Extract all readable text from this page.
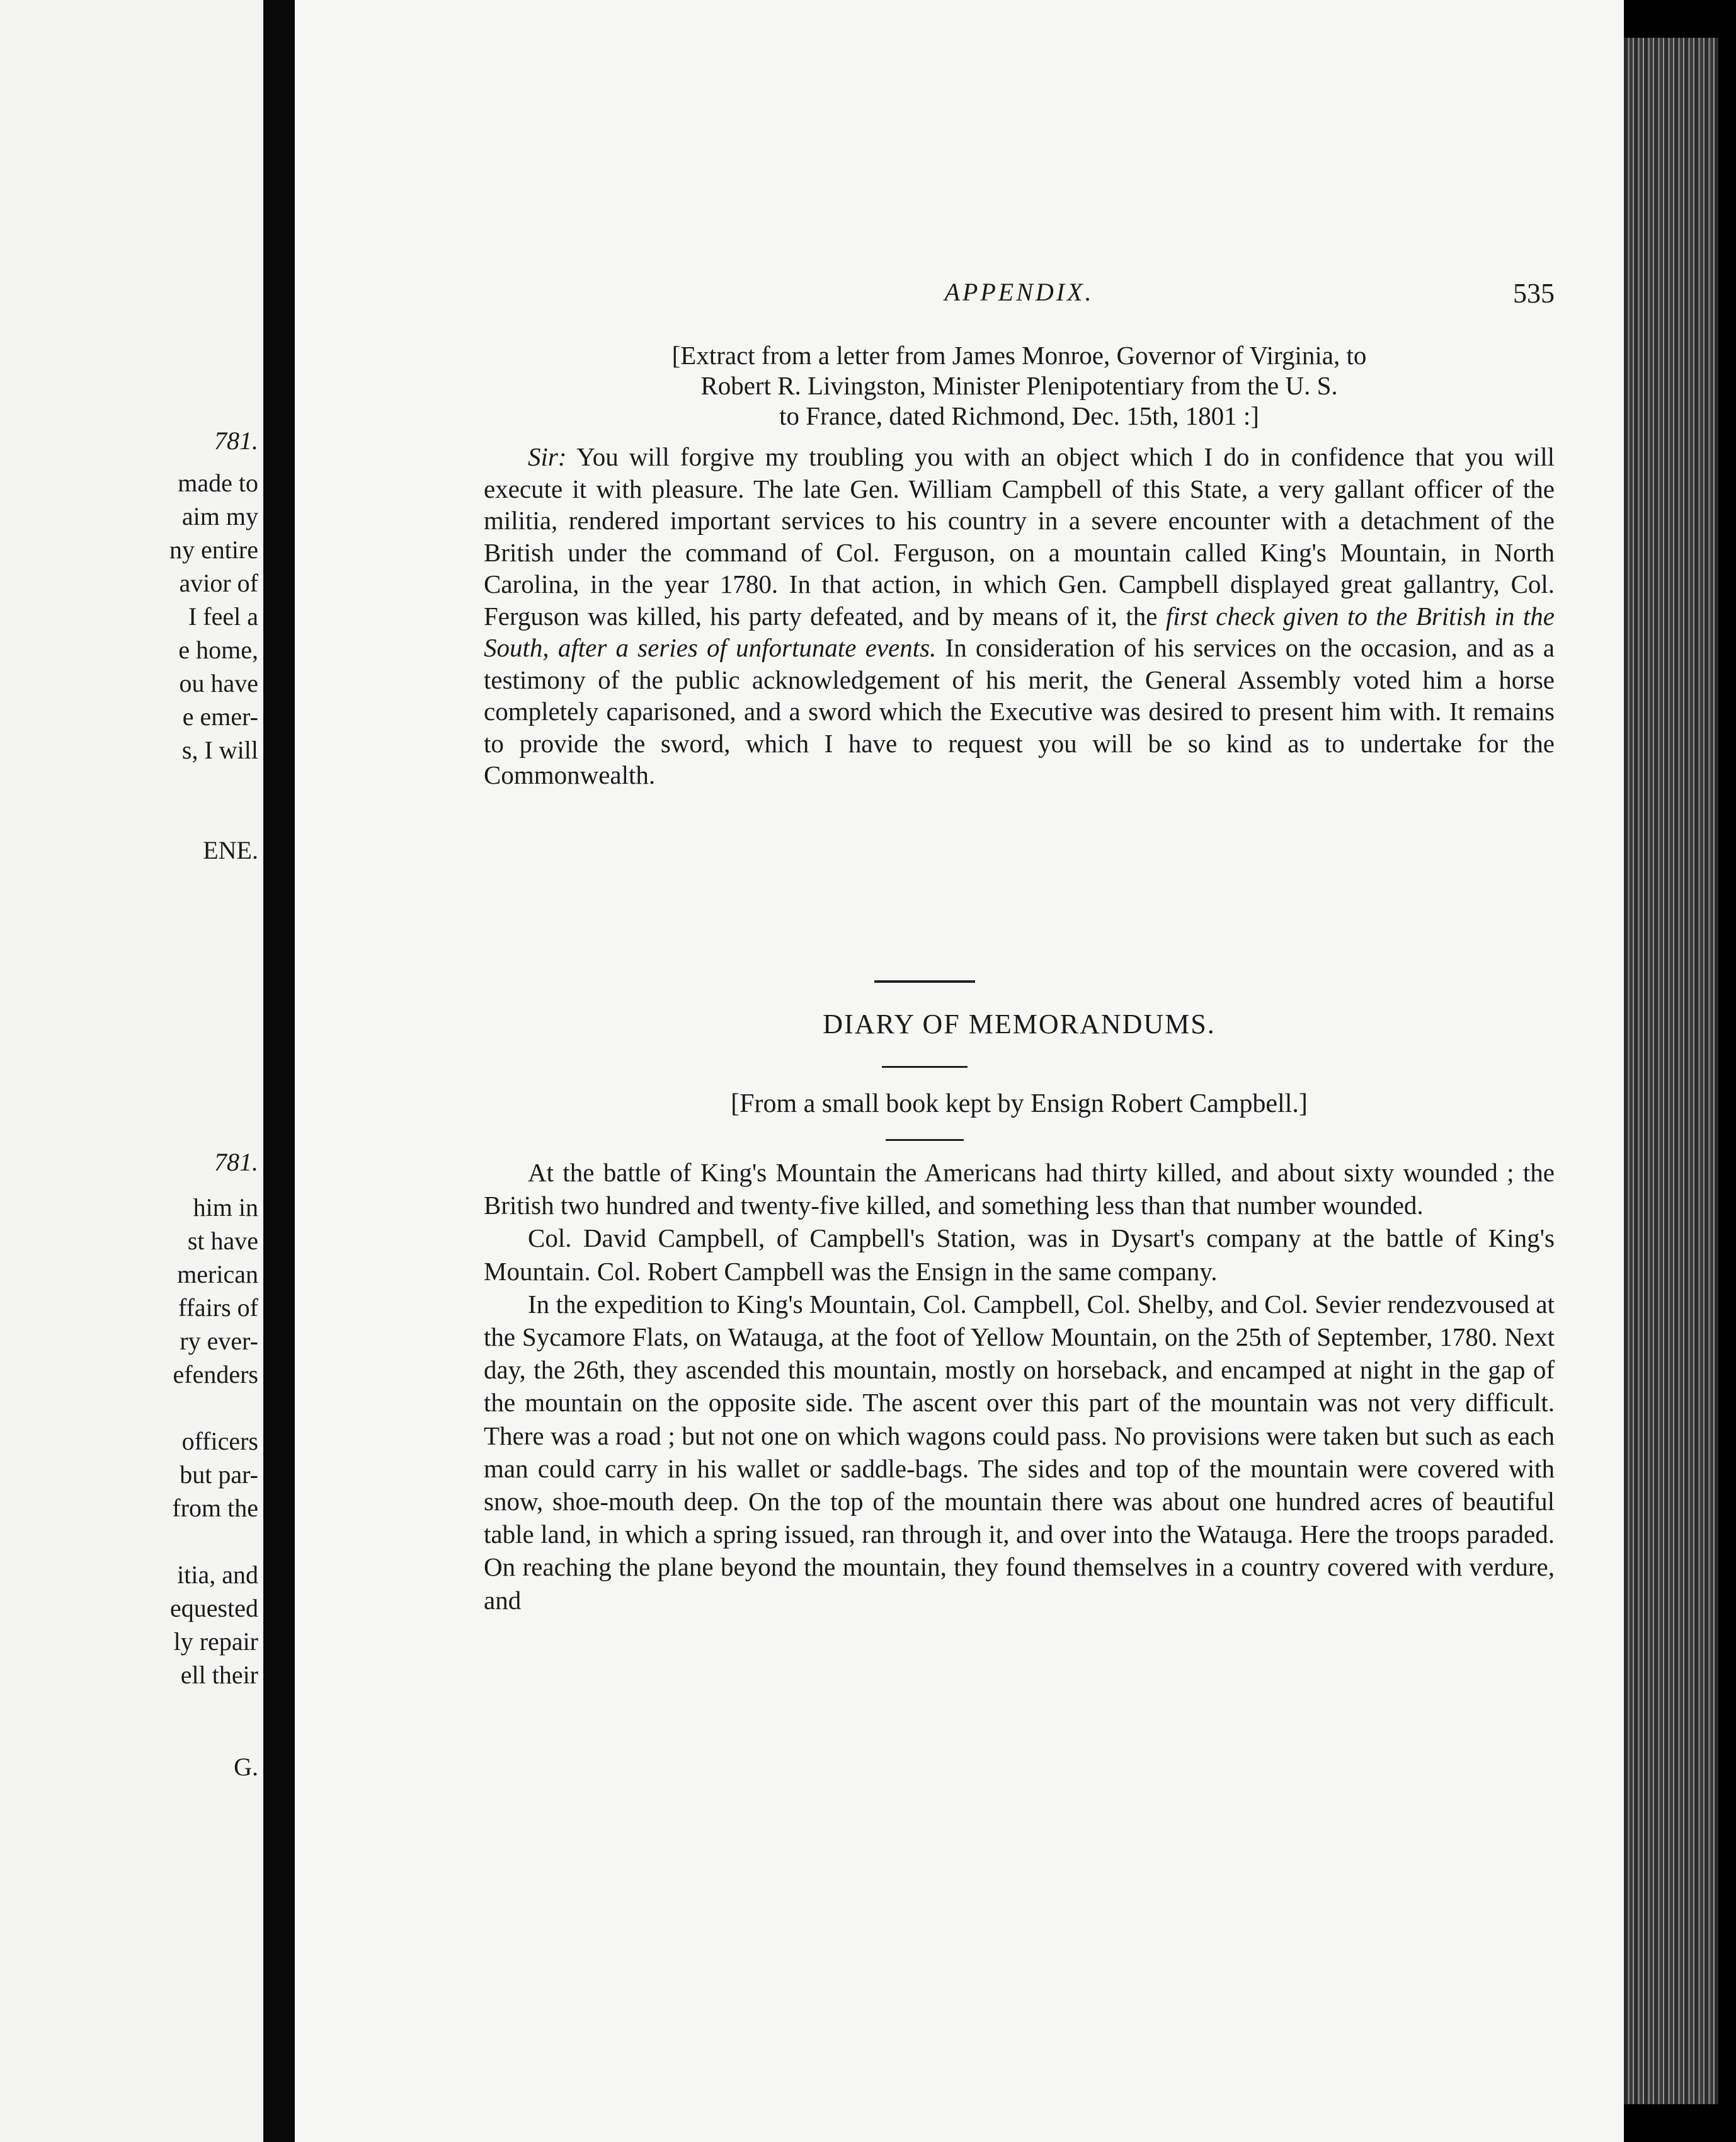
781.
made to
aim my
ny entire
avior of
I feel a
e home,
ou have
e emer-
s, I will
ENE.
781.
him in
st have
merican
ffairs of
ry ever-
efenders
officers
but par-
from the
itia, and
equested
ly repair
ell their
G.
APPENDIX.	535
[Extract from a letter from James Monroe, Governor of Virginia, to
Robert R. Livingston, Minister Plenipotentiary from the U. S.
to France, dated Richmond, Dec. 15th, 1801 :]
Sir: You will forgive my troubling you with an object which I do in confidence that you will execute it with pleasure. The late Gen. William Campbell of this State, a very gallant officer of the militia, rendered important services to his country in a severe encounter with a detachment of the British under the command of Col. Ferguson, on a mountain called King's Mountain, in North Carolina, in the year 1780. In that action, in which Gen. Campbell displayed great gallantry, Col. Ferguson was killed, his party defeated, and by means of it, the first check given to the British in the South, after a series of unfortunate events. In consideration of his services on the occasion, and as a testimony of the public acknowledgement of his merit, the General Assembly voted him a horse completely caparisoned, and a sword which the Executive was desired to present him with. It remains to provide the sword, which I have to request you will be so kind as to undertake for the Commonwealth.
DIARY OF MEMORANDUMS.
[From a small book kept by Ensign Robert Campbell.]

At the battle of King's Mountain the Americans had thirty killed, and about sixty wounded ; the British two hundred and twenty-five killed, and something less than that number wounded.

Col. David Campbell, of Campbell's Station, was in Dysart's company at the battle of King's Mountain. Col. Robert Campbell was the Ensign in the same company.

In the expedition to King's Mountain, Col. Campbell, Col. Shelby, and Col. Sevier rendezvoused at the Sycamore Flats, on Watauga, at the foot of Yellow Mountain, on the 25th of September, 1780. Next day, the 26th, they ascended this mountain, mostly on horseback, and encamped at night in the gap of the mountain on the opposite side. The ascent over this part of the mountain was not very difficult. There was a road ; but not one on which wagons could pass. No provisions were taken but such as each man could carry in his wallet or saddle-bags. The sides and top of the mountain were covered with snow, shoe-mouth deep. On the top of the mountain there was about one hundred acres of beautiful table land, in which a spring issued, ran through it, and over into the Watauga. Here the troops paraded. On reaching the plane beyond the mountain, they found themselves in a country covered with verdure, and
